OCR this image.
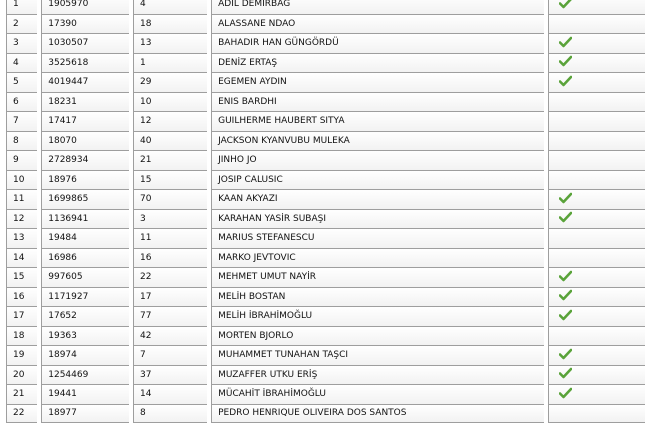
1	1905970	4	ADİL DEMİRBAĞ
2	17390	18	ALASSANE NDAO
3	1030507	13	BAHADIR HAN GÜNGÖRDÜ
4	3525618	1	DENİZ ERTAŞ
5	4019447	29	EGEMEN AYDIN
6	18231	10	ENIS BARDHI
7	17417	12	GUILHERME HAUBERT SITYA
8	18070	40	JACKSON KYANVUBU MULEKA
9	2728934	21	JINHO JO
10	18976	15	JOSIP CALUSIC
11	1699865	70	KAAN AKYAZI
12	1136941	3	KARAHAN YASİR SUBAŞI
13	19484	11	MARIUS STEFANESCU
14	16986	16	MARKO JEVTOVIC
15	997605	22	MEHMET UMUT NAYİR
16	1171927	17	MELİH BOSTAN
17	17652	77	MELİH İBRAHİMOĞLU
18	19363	42	MORTEN BJORLO
19	18974	7	MUHAMMET TUNAHAN TAŞCI
20	1254469	37	MUZAFFER UTKU ERİŞ
21	19441	14	MÜCAHİT İBRAHİMOĞLU
22	18977	8	PEDRO HENRIQUE OLIVEIRA DOS SANTOS
